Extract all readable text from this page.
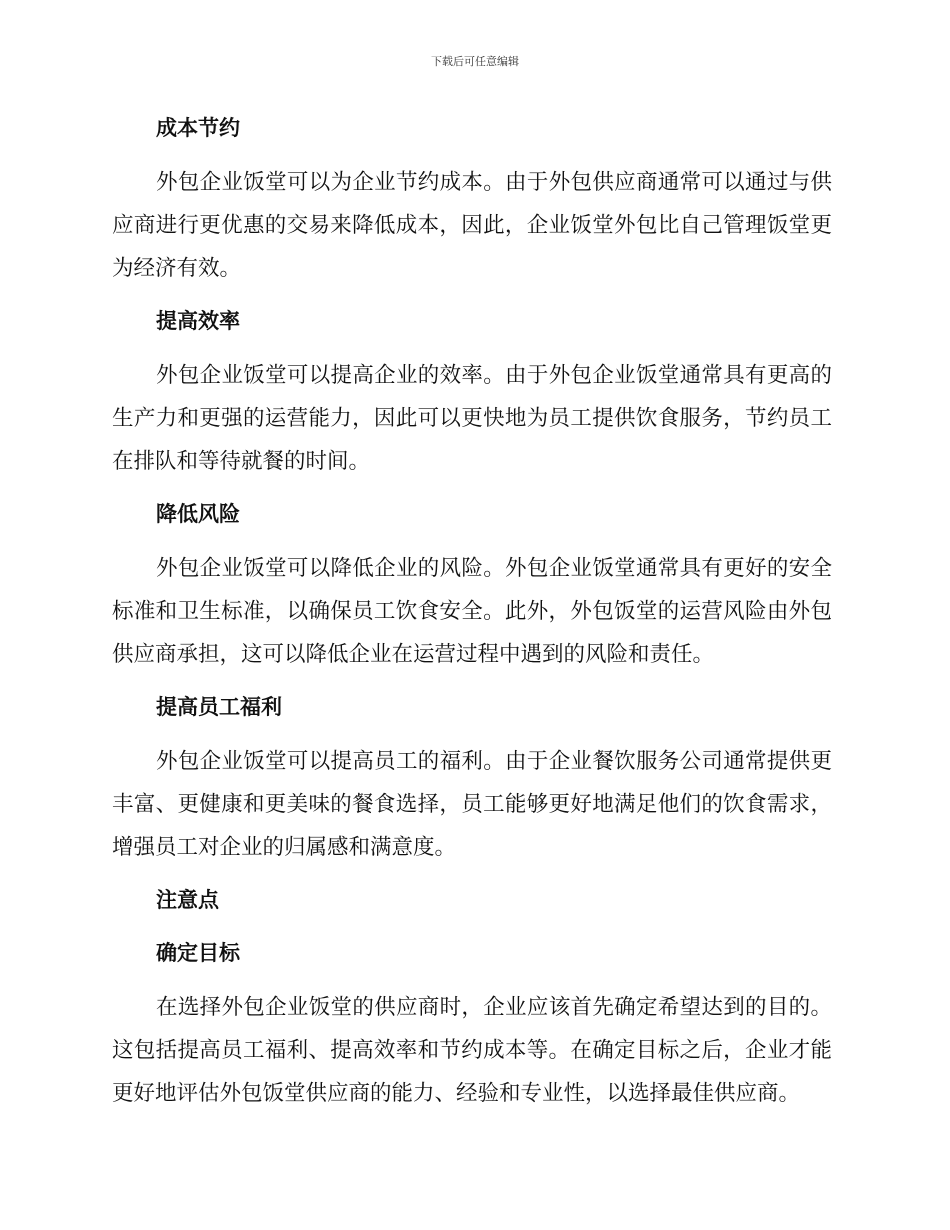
下载后可任意编辑
成本节约

外包企业饭堂可以为企业节约成本。由于外包供应商通常可以通过与供应商进行更优惠的交易来降低成本，因此，企业饭堂外包比自己管理饭堂更为经济有效。

提高效率

外包企业饭堂可以提高企业的效率。由于外包企业饭堂通常具有更高的生产力和更强的运营能力，因此可以更快地为员工提供饮食服务，节约员工在排队和等待就餐的时间。

降低风险

外包企业饭堂可以降低企业的风险。外包企业饭堂通常具有更好的安全标准和卫生标准，以确保员工饮食安全。此外，外包饭堂的运营风险由外包供应商承担，这可以降低企业在运营过程中遇到的风险和责任。

提高员工福利

外包企业饭堂可以提高员工的福利。由于企业餐饮服务公司通常提供更丰富、更健康和更美味的餐食选择，员工能够更好地满足他们的饮食需求，增强员工对企业的归属感和满意度。

注意点
确定目标

在选择外包企业饭堂的供应商时，企业应该首先确定希望达到的目的。这包括提高员工福利、提高效率和节约成本等。在确定目标之后，企业才能更好地评估外包饭堂供应商的能力、经验和专业性，以选择最佳供应商。
